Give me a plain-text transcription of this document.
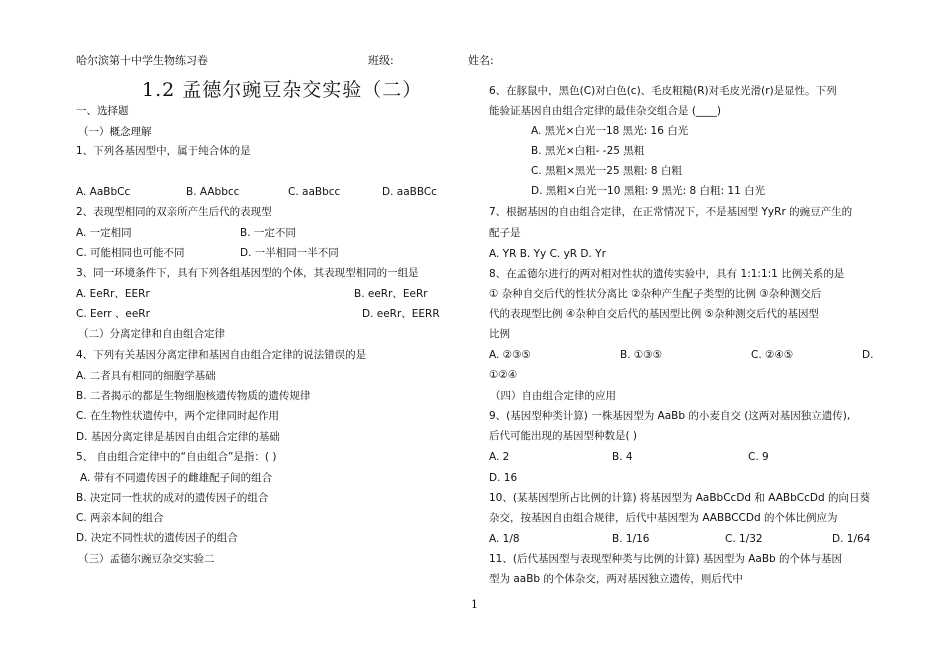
哈尔滨第十中学生物练习卷	班级:	姓名:
1.2 孟德尔豌豆杂交实验（二）
一、选择题
（一）概念理解
1、下列各基因型中，属于纯合体的是
A. AaBbCc	B. AAbbcc	C. aaBbcc	D. aaBBCc
2、表现型相同的双亲所产生后代的表现型
A. 一定相同	B. 一定不同
C. 可能相同也可能不同	D. 一半相同一半不同
3、同一环境条件下，具有下列各组基因型的个体，其表现型相同的一组是
A. EeRr、EERr	B. eeRr、EeRr
C. Eerr 、eeRr	D. eeRr、EERR
（二）分离定律和自由组合定律
4、下列有关基因分离定律和基因自由组合定律的说法错误的是
A. 二者具有相同的细胞学基础
B. 二者揭示的都是生物细胞核遗传物质的遗传规律
C. 在生物性状遗传中，两个定律同时起作用
D. 基因分离定律是基因自由组合定律的基础
5、 自由组合定律中的“自由组合”是指：( )
A. 带有不同遗传因子的雌雄配子间的组合
B. 决定同一性状的成对的遗传因子的组合
C. 两亲本间的组合
D. 决定不同性状的遗传因子的组合
（三）孟德尔豌豆杂交实验二
6、在豚鼠中，黑色(C)对白色(c)、毛皮粗糙(R)对毛皮光滑(r)是显性。下列
能验证基因自由组合定律的最佳杂交组合是 (____)
A. 黑光×白光一18 黑光: 16 白光
B. 黑光×白粗- -25 黑粗
C. 黑粗×黑光一25 黑粗: 8 白粗
D. 黑粗×白光一10 黑粗: 9 黑光: 8 白粗: 11 白光
7、根据基因的自由组合定律，在正常情况下，不是基因型 YyRr 的豌豆产生的
配子是
A. YR B. Yy C. yR D. Yr
8、在孟德尔进行的两对相对性状的遗传实验中，具有 1:1:1:1 比例关系的是
① 杂种自交后代的性状分离比 ②杂种产生配子类型的比例 ③杂种测交后
代的表现型比例 ④杂种自交后代的基因型比例 ⑤杂种测交后代的基因型
比例
A. ②③⑤	B. ①③⑤	C. ②④⑤	D.
①②④
（四）自由组合定律的应用
9、(基因型种类计算) 一株基因型为 AaBb 的小麦自交 (这两对基因独立遗传),
后代可能出现的基因型种数是( )
A. 2	B. 4	C. 9
D. 16
10、(某基因型所占比例的计算) 将基因型为 AaBbCcDd 和 AABbCcDd 的向日葵
杂交，按基因自由组合规律，后代中基因型为 AABBCCDd 的个体比例应为
A. 1/8	B. 1/16	C. 1/32	D. 1/64
11、(后代基因型与表现型种类与比例的计算) 基因型为 AaBb 的个体与基因
型为 aaBb 的个体杂交，两对基因独立遗传，则后代中
1
